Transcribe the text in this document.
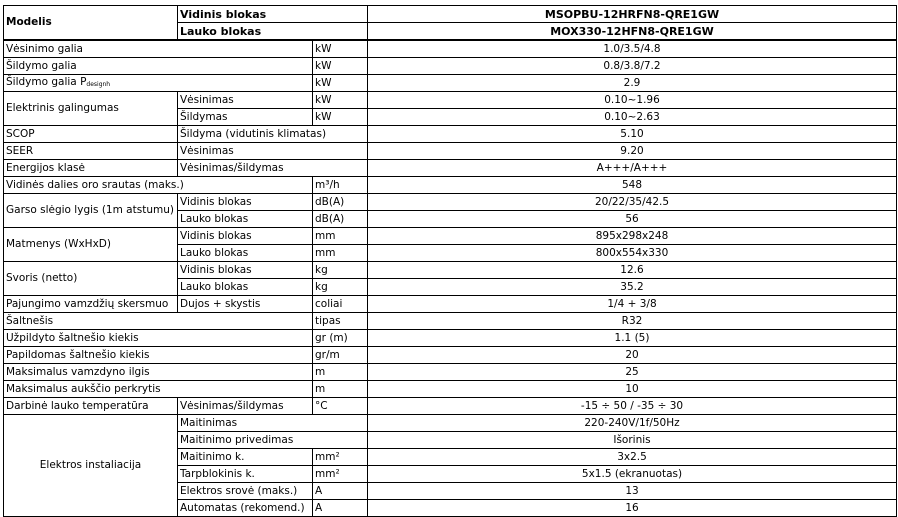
Modelis	Vidinis blokas		MSOPBU-12HRFN8-QRE1GW
	Lauko blokas		MOX330-12HFN8-QRE1GW
Vėsinimo galia		kW	1.0/3.5/4.8
Šildymo galia		kW	0.8/3.8/7.2
Šildymo galia $P_{designh}$		kW	2.9
Elektrinis galingumas	Vėsinimas	kW	0.10~1.96
	Šildymas	kW	0.10~2.63
SCOP	Šildyma (vidutinis klimatas)		5.10
SEER	Vėsinimas		9.20
Energijos klasė	Vėsinimas/šildymas		A+++/A+++
Vidinės dalies oro srautas (maks.)		m³/h	548
Garso slėgio lygis (1m atstumu)	Vidinis blokas	dB(A)	20/22/35/42.5
	Lauko blokas	dB(A)	56
Matmenys (WxHxD)	Vidinis blokas	mm	895x298x248
	Lauko blokas	mm	800x554x330
Svoris (netto)	Vidinis blokas	kg	12.6
	Lauko blokas	kg	35.2
Pajungimo vamzdžių skersmuo	Dujos + skystis	coliai	1/4 + 3/8
Šaltnešis		tipas	R32
Užpildyto šaltnešio kiekis		gr (m)	1.1 (5)
Papildomas šaltnešio kiekis		gr/m	20
Maksimalus vamzdyno ilgis		m	25
Maksimalus aukščio perkrytis		m	10
Darbinė lauko temperatūra	Vėsinimas/šildymas	°C	-15 ÷ 50 / -35 ÷ 30
Elektros instaliacija	Maitinimas		220-240V/1f/50Hz
	Maitinimo privedimas		Išorinis
	Maitinimo k.	mm²	3x2.5
	Tarpblokinis k.	mm²	5x1.5 (ekranuotas)
	Elektros srovė (maks.)	A	13
	Automatas (rekomend.)	A	16
